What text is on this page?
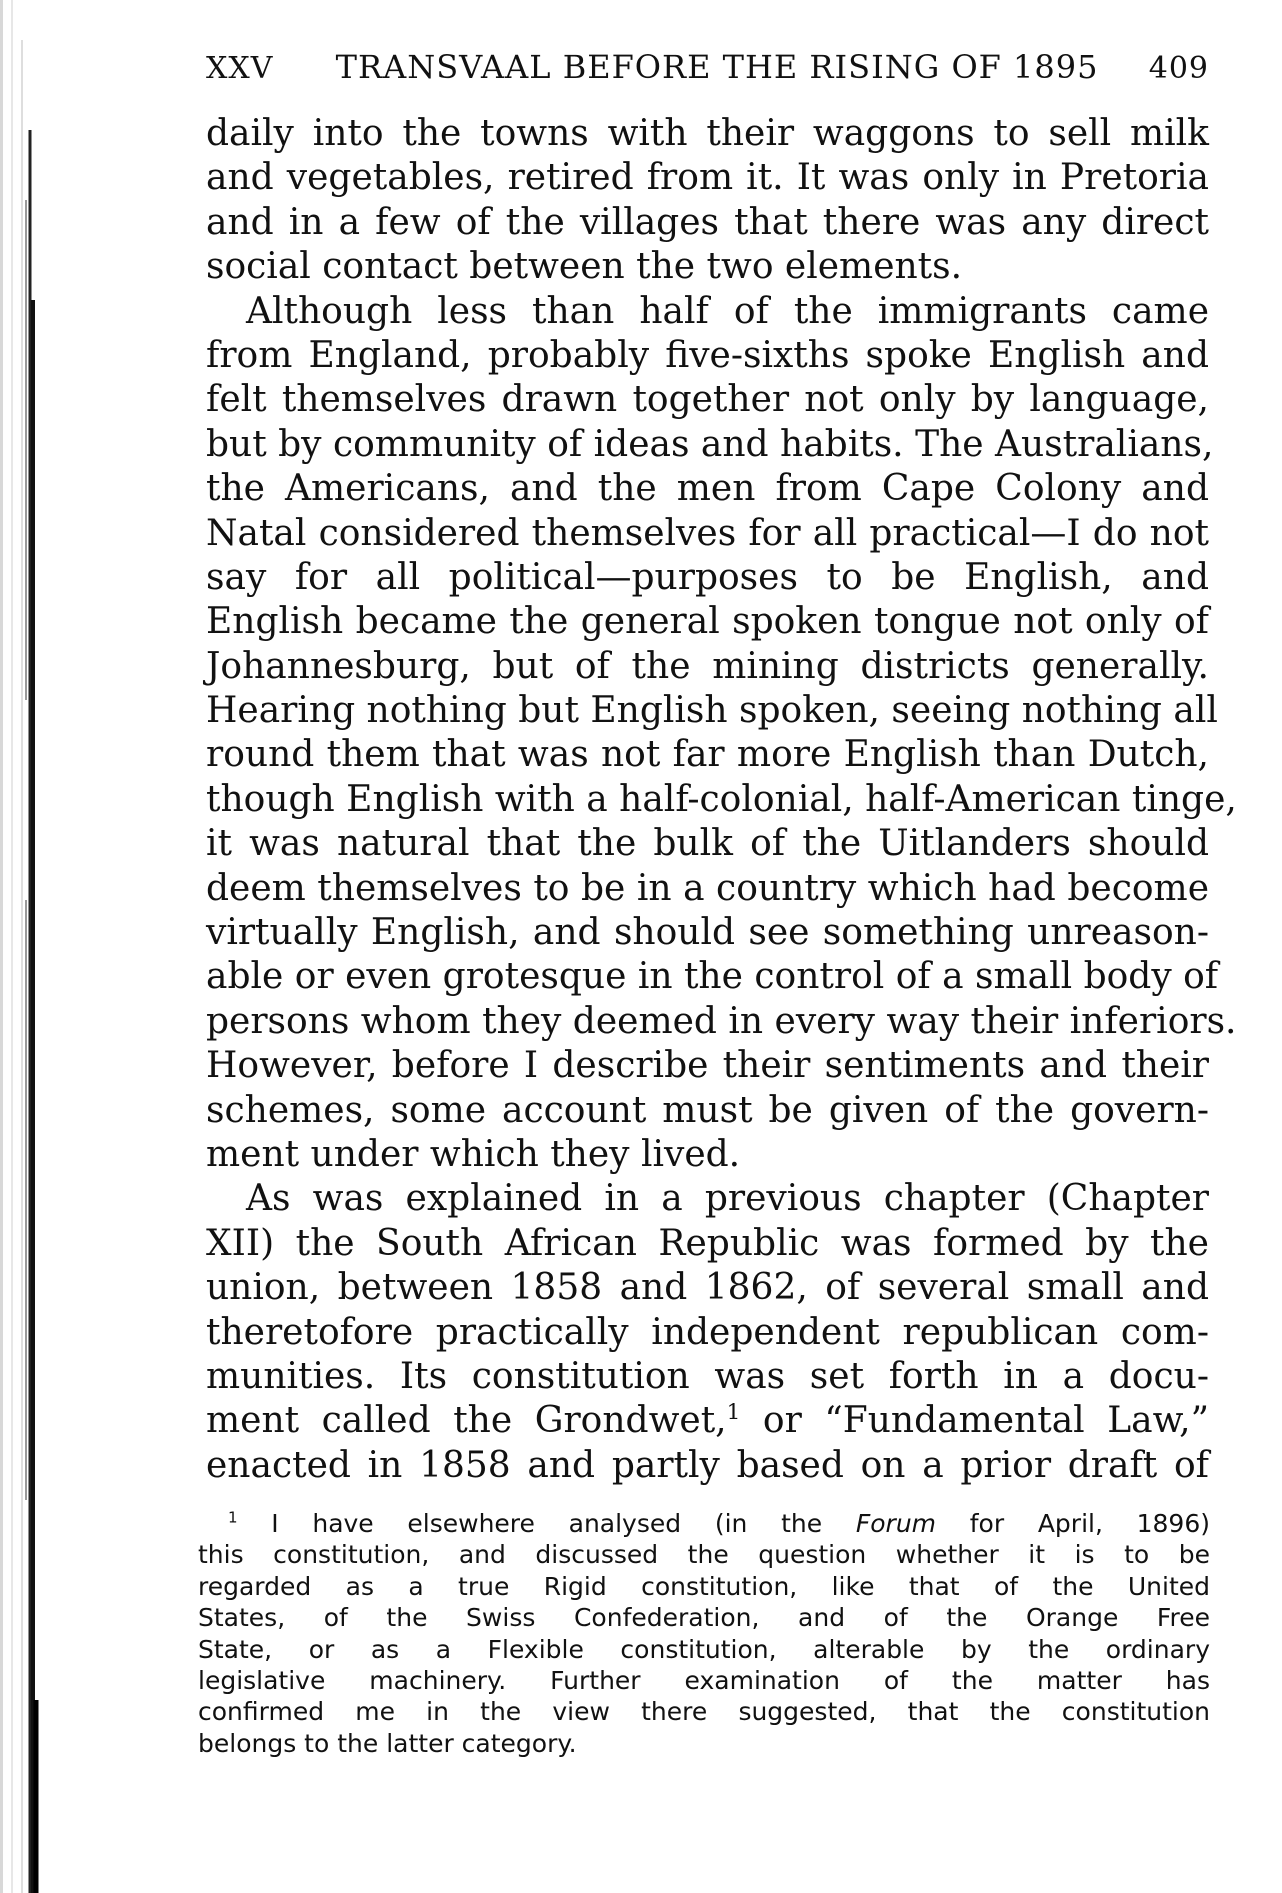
XXV	TRANSVAAL BEFORE THE RISING OF 1895	409
daily into the towns with their waggons to sell milk
and vegetables, retired from it. It was only in Pretoria
and in a few of the villages that there was any direct
social contact between the two elements.
Although less than half of the immigrants came
from England, probably five-sixths spoke English and
felt themselves drawn together not only by language,
but by community of ideas and habits. The Australians,
the Americans, and the men from Cape Colony and
Natal considered themselves for all practical—I do not
say for all political—purposes to be English, and
English became the general spoken tongue not only of
Johannesburg, but of the mining districts generally.
Hearing nothing but English spoken, seeing nothing all
round them that was not far more English than Dutch,
though English with a half-colonial, half-American tinge,
it was natural that the bulk of the Uitlanders should
deem themselves to be in a country which had become
virtually English, and should see something unreason-
able or even grotesque in the control of a small body of
persons whom they deemed in every way their inferiors.
However, before I describe their sentiments and their
schemes, some account must be given of the govern-
ment under which they lived.
As was explained in a previous chapter (Chapter
XII) the South African Republic was formed by the
union, between 1858 and 1862, of several small and
theretofore practically independent republican com-
munities. Its constitution was set forth in a docu-
ment called the Grondwet,$^1$ or “Fundamental Law,”
enacted in 1858 and partly based on a prior draft of
$^1$ I have elsewhere analysed (in the Forum for April, 1896)
this constitution, and discussed the question whether it is to be
regarded as a true Rigid constitution, like that of the United
States, of the Swiss Confederation, and of the Orange Free
State, or as a Flexible constitution, alterable by the ordinary
legislative machinery. Further examination of the matter has
confirmed me in the view there suggested, that the constitution
belongs to the latter category.
